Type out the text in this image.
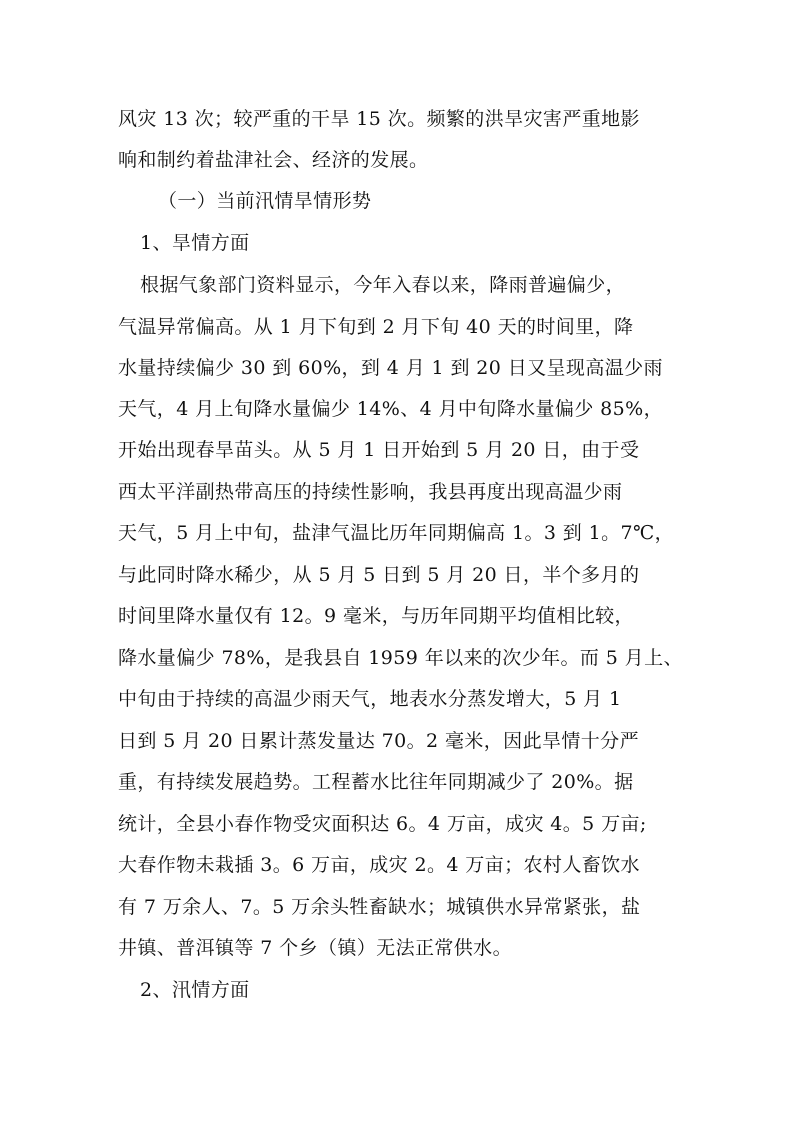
风灾 13 次；较严重的干旱 15 次。频繁的洪旱灾害严重地影
响和制约着盐津社会、经济的发展。
（一）当前汛情旱情形势
1、旱情方面
根据气象部门资料显示，今年入春以来，降雨普遍偏少，
气温异常偏高。从 1 月下旬到 2 月下旬 40 天的时间里，降
水量持续偏少 30 到 60%，到 4 月 1 到 20 日又呈现高温少雨
天气，4 月上旬降水量偏少 14%、4 月中旬降水量偏少 85%，
开始出现春旱苗头。从 5 月 1 日开始到 5 月 20 日，由于受
西太平洋副热带高压的持续性影响，我县再度出现高温少雨
天气，5 月上中旬，盐津气温比历年同期偏高 1。3 到 1。7℃，
与此同时降水稀少，从 5 月 5 日到 5 月 20 日，半个多月的
时间里降水量仅有 12。9 毫米，与历年同期平均值相比较，
降水量偏少 78%，是我县自 1959 年以来的次少年。而 5 月上、
中旬由于持续的高温少雨天气，地表水分蒸发增大，5 月 1
日到 5 月 20 日累计蒸发量达 70。2 毫米，因此旱情十分严
重，有持续发展趋势。工程蓄水比往年同期减少了 20%。据
统计，全县小春作物受灾面积达 6。4 万亩，成灾 4。5 万亩;
大春作物未栽插 3。6 万亩，成灾 2。4 万亩；农村人畜饮水
有 7 万余人、7。5 万余头牲畜缺水；城镇供水异常紧张，盐
井镇、普洱镇等 7 个乡（镇）无法正常供水。
2、汛情方面
